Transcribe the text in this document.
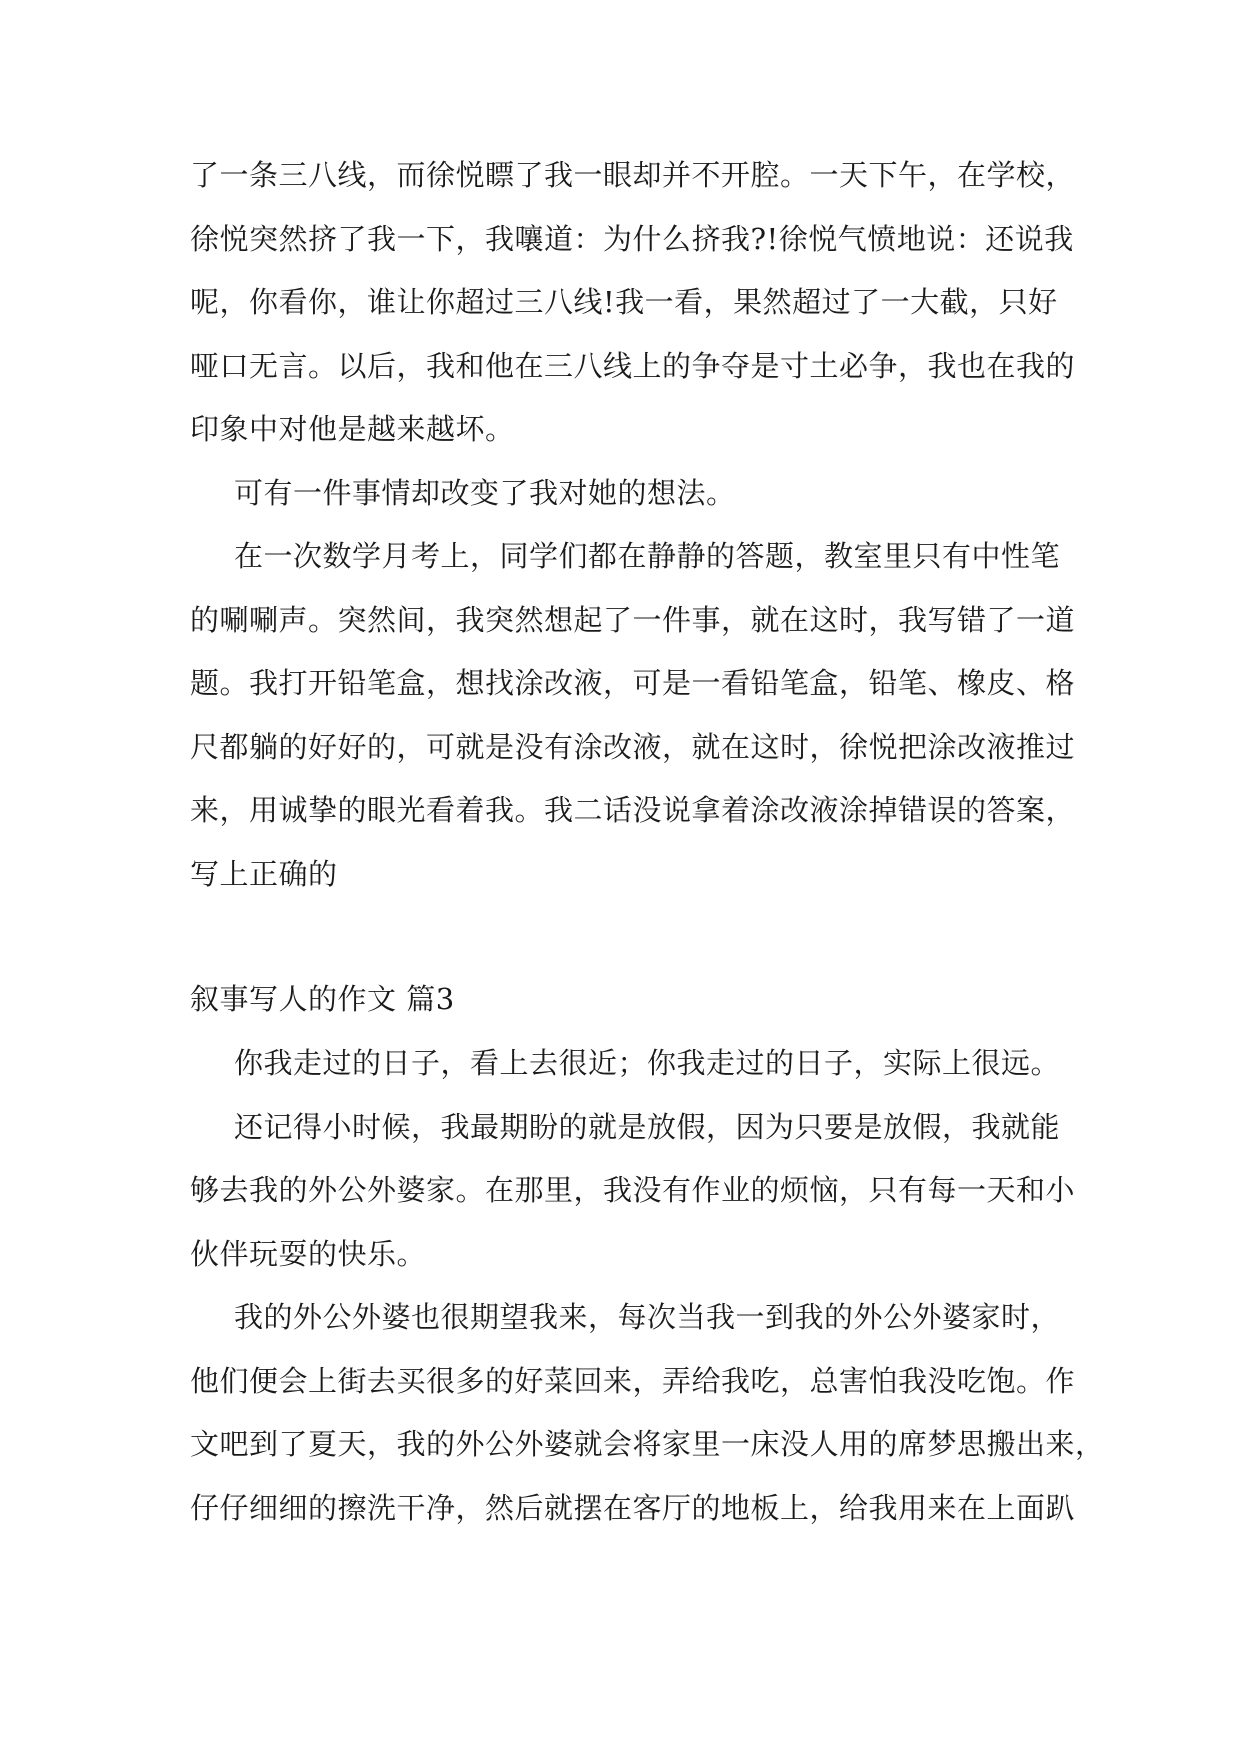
了一条三八线，而徐悦瞟了我一眼却并不开腔。一天下午，在学校，
徐悦突然挤了我一下，我嚷道：为什么挤我?!徐悦气愤地说：还说我
呢，你看你，谁让你超过三八线!我一看，果然超过了一大截，只好
哑口无言。以后，我和他在三八线上的争夺是寸土必争，我也在我的
印象中对他是越来越坏。
可有一件事情却改变了我对她的想法。
在一次数学月考上，同学们都在静静的答题，教室里只有中性笔
的唰唰声。突然间，我突然想起了一件事，就在这时，我写错了一道
题。我打开铅笔盒，想找涂改液，可是一看铅笔盒，铅笔、橡皮、格
尺都躺的好好的，可就是没有涂改液，就在这时，徐悦把涂改液推过
来，用诚挚的眼光看着我。我二话没说拿着涂改液涂掉错误的答案，
写上正确的
叙事写人的作文 篇3
你我走过的日子，看上去很近；你我走过的日子，实际上很远。
还记得小时候，我最期盼的就是放假，因为只要是放假，我就能
够去我的外公外婆家。在那里，我没有作业的烦恼，只有每一天和小
伙伴玩耍的快乐。
我的外公外婆也很期望我来，每次当我一到我的外公外婆家时，
他们便会上街去买很多的好菜回来，弄给我吃，总害怕我没吃饱。作
文吧到了夏天，我的外公外婆就会将家里一床没人用的席梦思搬出来，
仔仔细细的擦洗干净，然后就摆在客厅的地板上，给我用来在上面趴
